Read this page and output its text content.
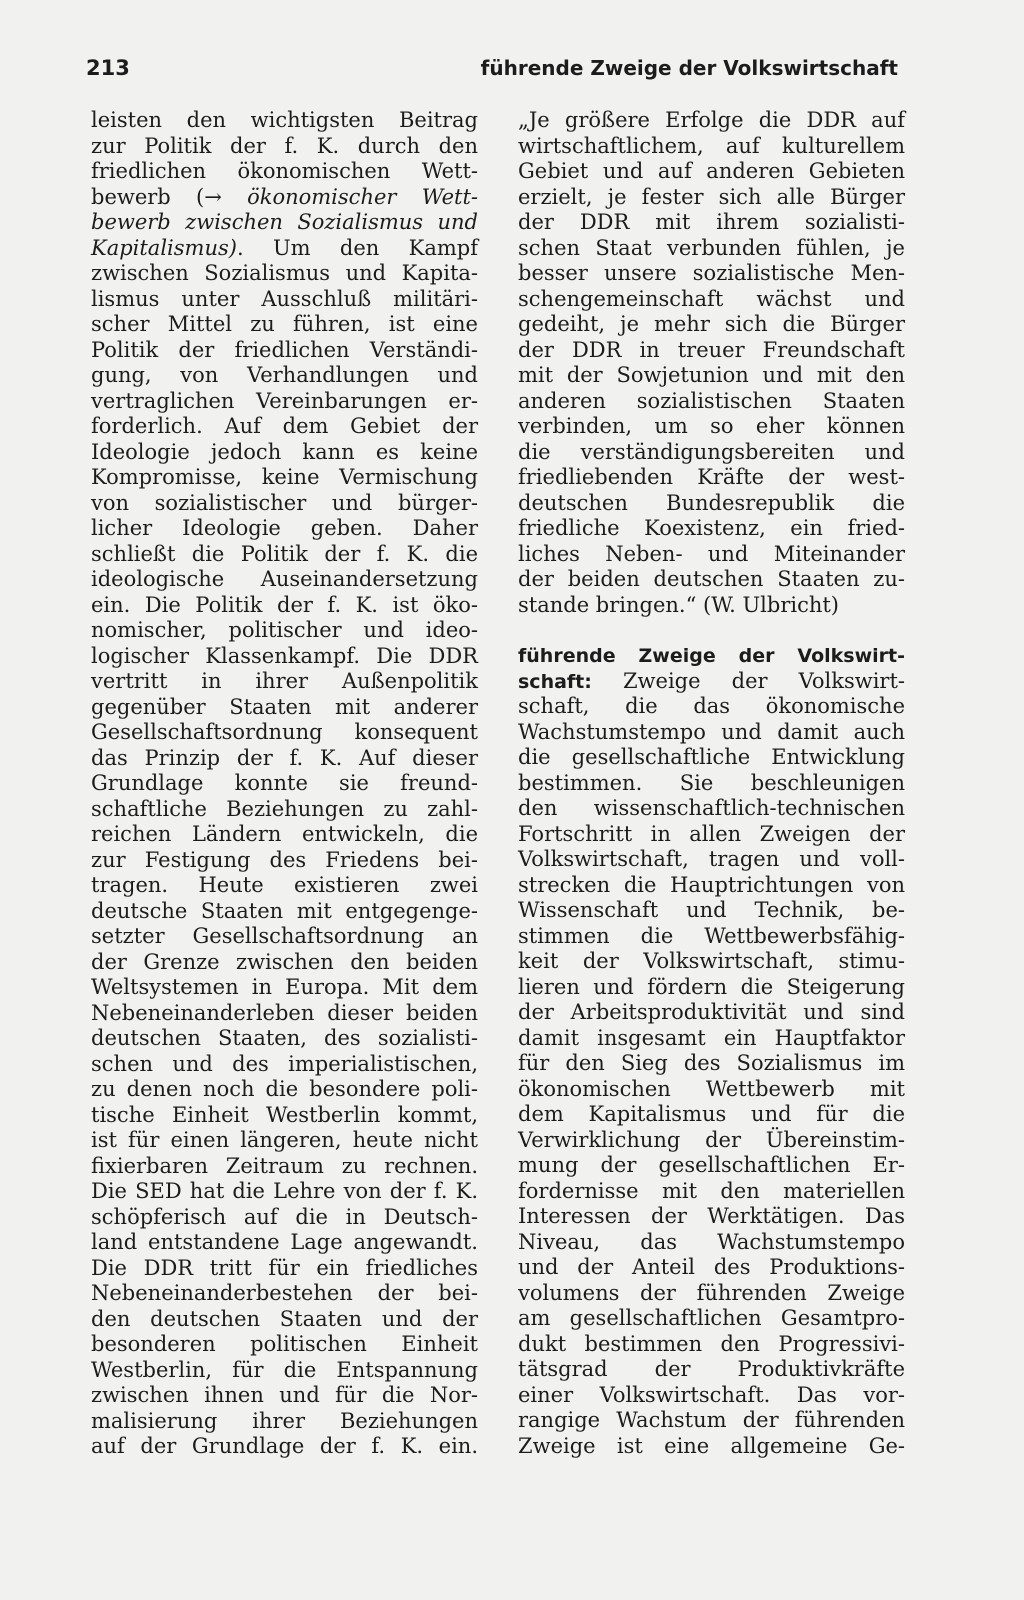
213	führende Zweige der Volkswirtschaft
leisten den wichtigsten Beitrag
zur Politik der f. K. durch den
friedlichen ökonomischen Wett-
bewerb (→ ökonomischer Wett-
bewerb zwischen Sozialismus und
Kapitalismus). Um den Kampf
zwischen Sozialismus und Kapita-
lismus unter Ausschluß militäri-
scher Mittel zu führen, ist eine
Politik der friedlichen Verständi-
gung, von Verhandlungen und
vertraglichen Vereinbarungen er-
forderlich. Auf dem Gebiet der
Ideologie jedoch kann es keine
Kompromisse, keine Vermischung
von sozialistischer und bürger-
licher Ideologie geben. Daher
schließt die Politik der f. K. die
ideologische Auseinandersetzung
ein. Die Politik der f. K. ist öko-
nomischer, politischer und ideo-
logischer Klassenkampf. Die DDR
vertritt in ihrer Außenpolitik
gegenüber Staaten mit anderer
Gesellschaftsordnung konsequent
das Prinzip der f. K. Auf dieser
Grundlage konnte sie freund-
schaftliche Beziehungen zu zahl-
reichen Ländern entwickeln, die
zur Festigung des Friedens bei-
tragen. Heute existieren zwei
deutsche Staaten mit entgegenge-
setzter Gesellschaftsordnung an
der Grenze zwischen den beiden
Weltsystemen in Europa. Mit dem
Nebeneinanderleben dieser beiden
deutschen Staaten, des sozialisti-
schen und des imperialistischen,
zu denen noch die besondere poli-
tische Einheit Westberlin kommt,
ist für einen längeren, heute nicht
fixierbaren Zeitraum zu rechnen.
Die SED hat die Lehre von der f. K.
schöpferisch auf die in Deutsch-
land entstandene Lage angewandt.
Die DDR tritt für ein friedliches
Nebeneinanderbestehen der bei-
den deutschen Staaten und der
besonderen politischen Einheit
Westberlin, für die Entspannung
zwischen ihnen und für die Nor-
malisierung ihrer Beziehungen
auf der Grundlage der f. K. ein.
„Je größere Erfolge die DDR auf
wirtschaftlichem, auf kulturellem
Gebiet und auf anderen Gebieten
erzielt, je fester sich alle Bürger
der DDR mit ihrem sozialisti-
schen Staat verbunden fühlen, je
besser unsere sozialistische Men-
schengemeinschaft wächst und
gedeiht, je mehr sich die Bürger
der DDR in treuer Freundschaft
mit der Sowjetunion und mit den
anderen sozialistischen Staaten
verbinden, um so eher können
die verständigungsbereiten und
friedliebenden Kräfte der west-
deutschen Bundesrepublik die
friedliche Koexistenz, ein fried-
liches Neben- und Miteinander
der beiden deutschen Staaten zu-
stande bringen.“ (W. Ulbricht)
führende Zweige der Volkswirt-
schaft: Zweige der Volkswirt-
schaft, die das ökonomische
Wachstumstempo und damit auch
die gesellschaftliche Entwicklung
bestimmen. Sie beschleunigen
den wissenschaftlich-technischen
Fortschritt in allen Zweigen der
Volkswirtschaft, tragen und voll-
strecken die Hauptrichtungen von
Wissenschaft und Technik, be-
stimmen die Wettbewerbsfähig-
keit der Volkswirtschaft, stimu-
lieren und fördern die Steigerung
der Arbeitsproduktivität und sind
damit insgesamt ein Hauptfaktor
für den Sieg des Sozialismus im
ökonomischen Wettbewerb mit
dem Kapitalismus und für die
Verwirklichung der Übereinstim-
mung der gesellschaftlichen Er-
fordernisse mit den materiellen
Interessen der Werktätigen. Das
Niveau, das Wachstumstempo
und der Anteil des Produktions-
volumens der führenden Zweige
am gesellschaftlichen Gesamtpro-
dukt bestimmen den Progressivi-
tätsgrad der Produktivkräfte
einer Volkswirtschaft. Das vor-
rangige Wachstum der führenden
Zweige ist eine allgemeine Ge-
